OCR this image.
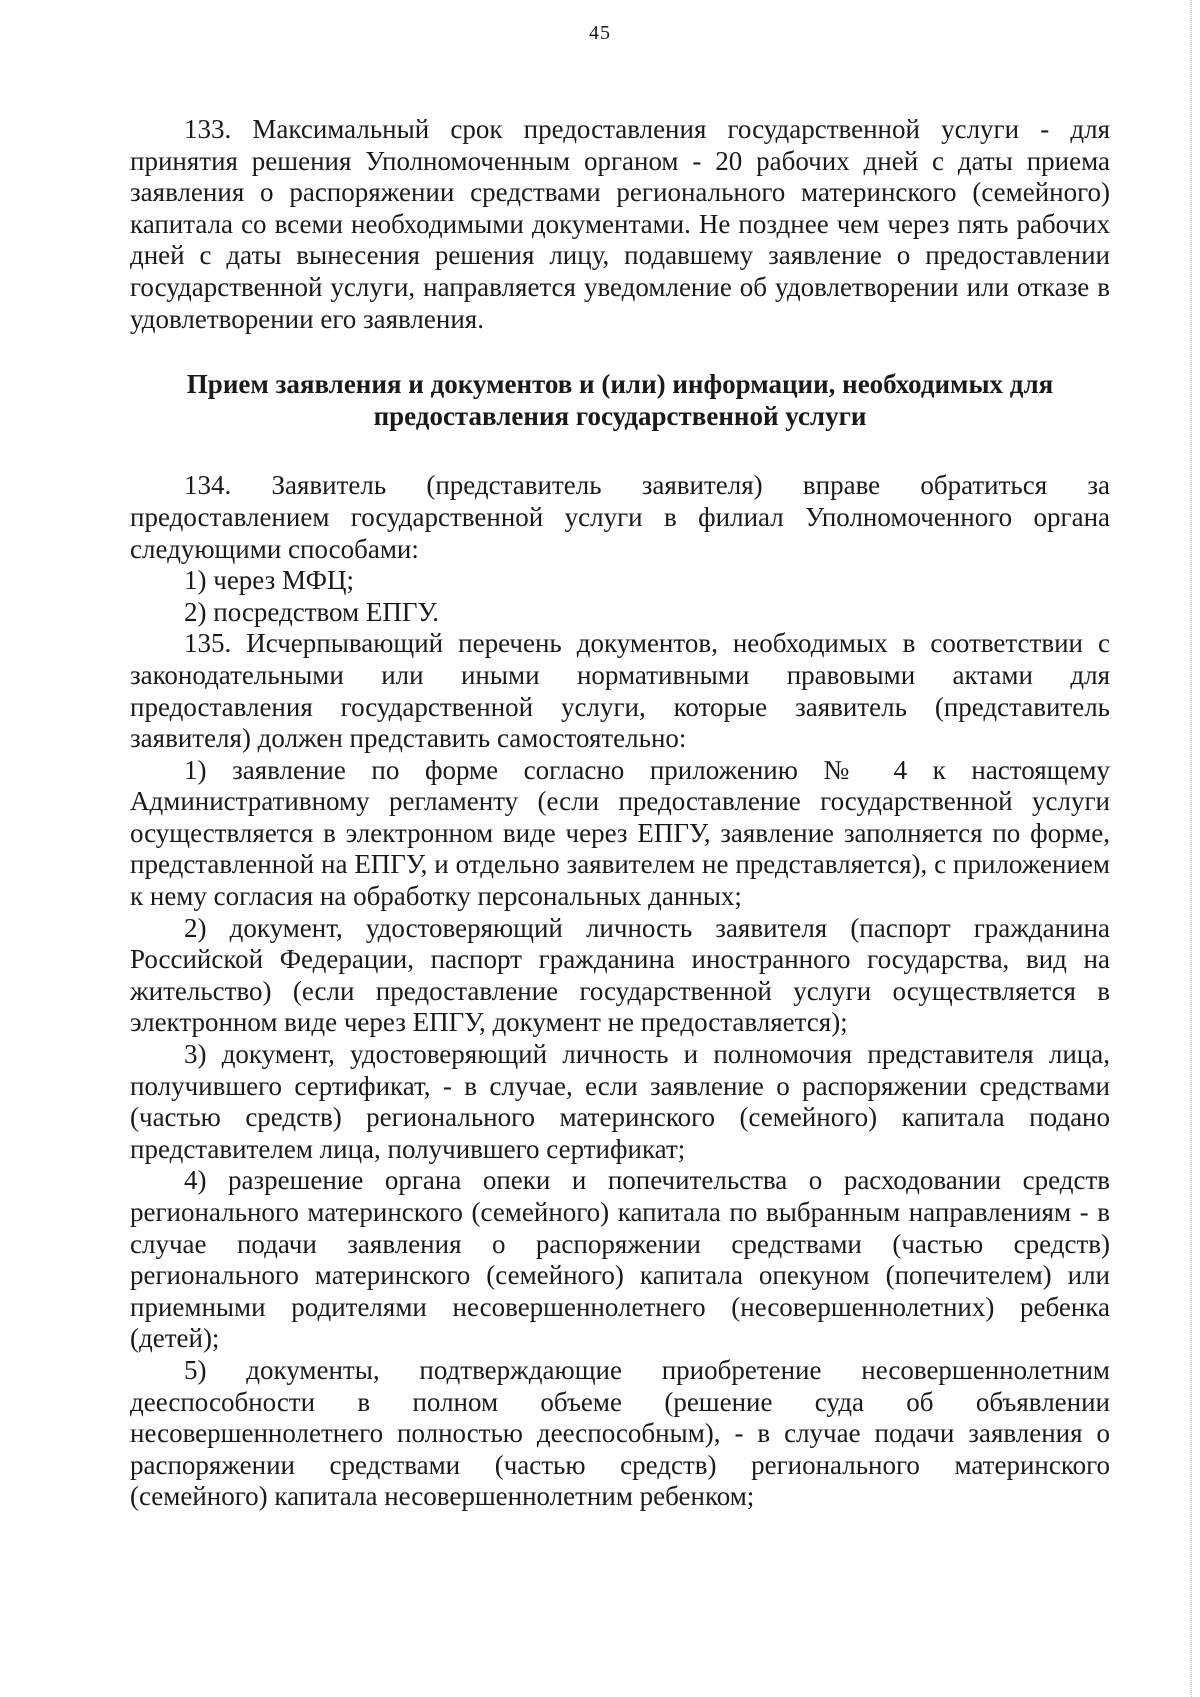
45

133. Максимальный срок предоставления государственной услуги - для принятия решения Уполномоченным органом - 20 рабочих дней с даты приема заявления о распоряжении средствами регионального материнского (семейного) капитала со всеми необходимыми документами. Не позднее чем через пять рабочих дней с даты вынесения решения лицу, подавшему заявление о предоставлении государственной услуги, направляется уведомление об удовлетворении или отказе в удовлетворении его заявления.

Прием заявления и документов и (или) информации, необходимых для предоставления государственной услуги

134. Заявитель (представитель заявителя) вправе обратиться за предоставлением государственной услуги в филиал Уполномоченного органа следующими способами:

1) через МФЦ;

2) посредством ЕПГУ.

135. Исчерпывающий перечень документов, необходимых в соответствии с законодательными или иными нормативными правовыми актами для предоставления государственной услуги, которые заявитель (представитель заявителя) должен представить самостоятельно:

1) заявление по форме согласно приложению № 4 к настоящему Административному регламенту (если предоставление государственной услуги осуществляется в электронном виде через ЕПГУ, заявление заполняется по форме, представленной на ЕПГУ, и отдельно заявителем не представляется), с приложением к нему согласия на обработку персональных данных;

2) документ, удостоверяющий личность заявителя (паспорт гражданина Российской Федерации, паспорт гражданина иностранного государства, вид на жительство) (если предоставление государственной услуги осуществляется в электронном виде через ЕПГУ, документ не предоставляется);

3) документ, удостоверяющий личность и полномочия представителя лица, получившего сертификат, - в случае, если заявление о распоряжении средствами (частью средств) регионального материнского (семейного) капитала подано представителем лица, получившего сертификат;

4) разрешение органа опеки и попечительства о расходовании средств регионального материнского (семейного) капитала по выбранным направлениям - в случае подачи заявления о распоряжении средствами (частью средств) регионального материнского (семейного) капитала опекуном (попечителем) или приемными родителями несовершеннолетнего (несовершеннолетних) ребенка (детей);

5) документы, подтверждающие приобретение несовершеннолетним дееспособности в полном объеме (решение суда об объявлении несовершеннолетнего полностью дееспособным), - в случае подачи заявления о распоряжении средствами (частью средств) регионального материнского (семейного) капитала несовершеннолетним ребенком;
